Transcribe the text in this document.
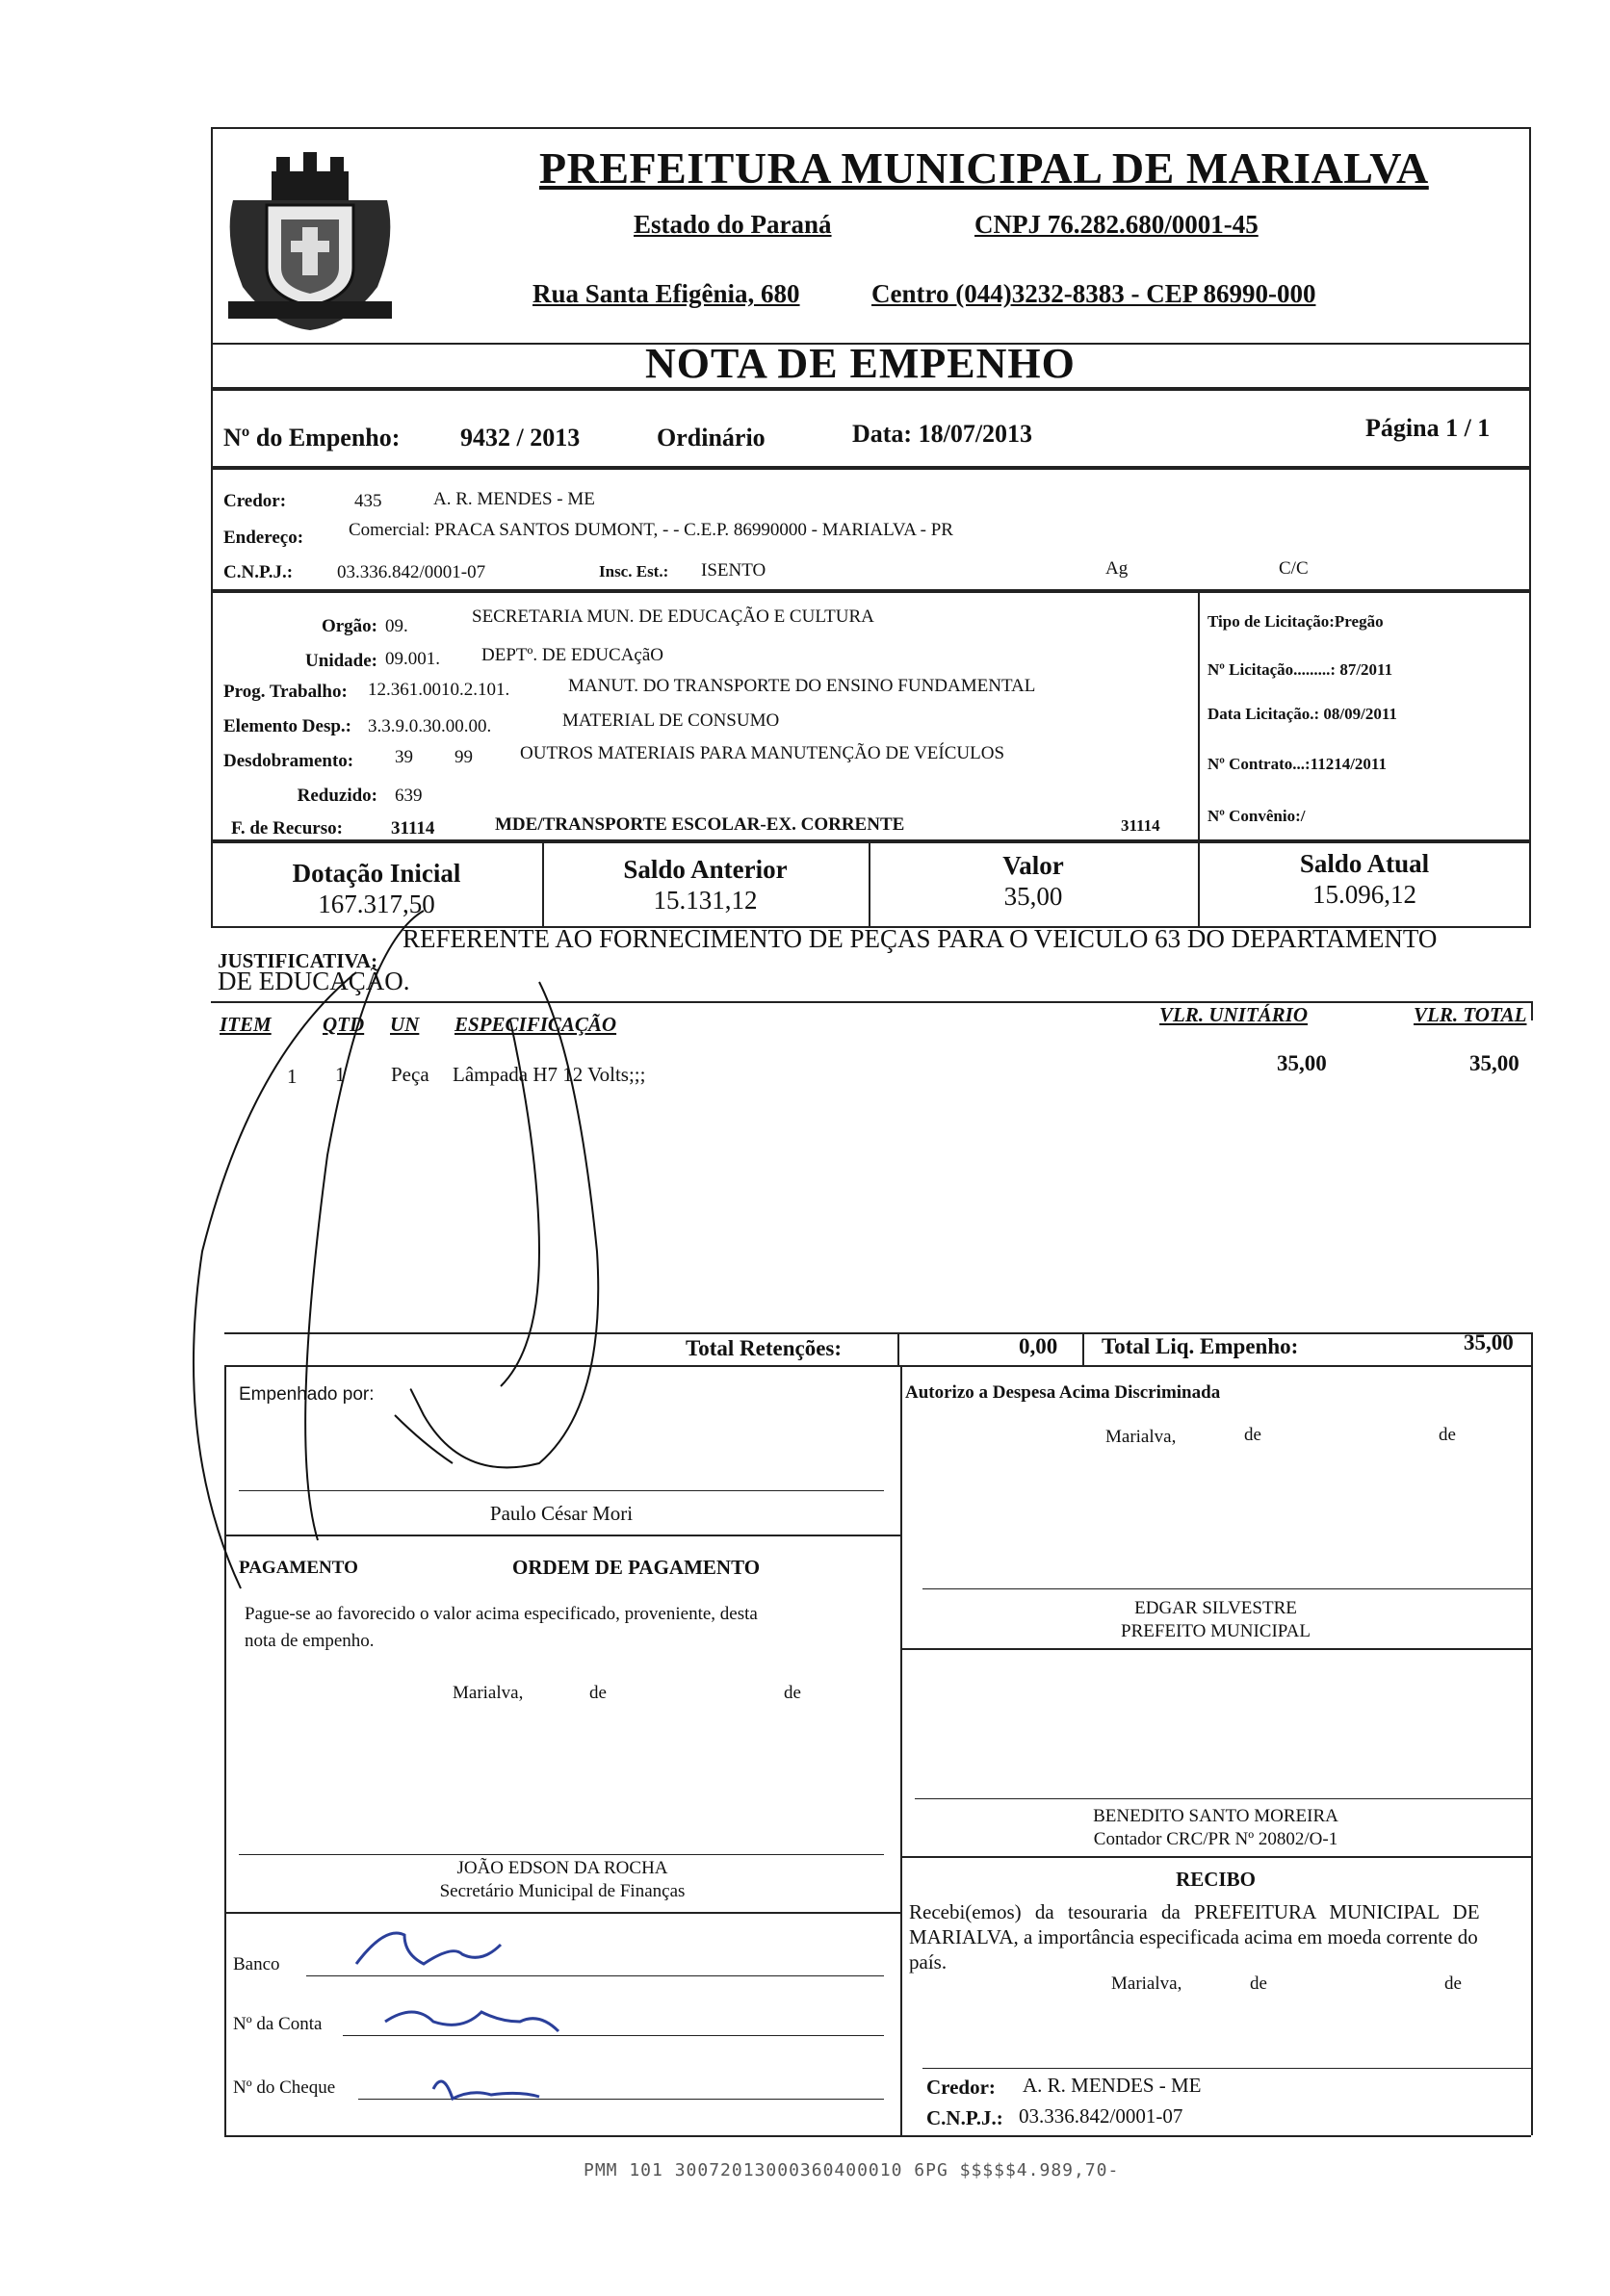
PREFEITURA MUNICIPAL DE MARIALVA
Estado do Paraná	CNPJ 76.282.680/0001-45
Rua Santa Efigênia, 680	Centro (044)3232-8383 - CEP 86990-000
NOTA DE EMPENHO
Nº do Empenho: 9432 / 2013	Ordinário	Data: 18/07/2013	Página 1 / 1
Credor:	435	A. R. MENDES - ME
Endereço: Comercial: PRACA SANTOS DUMONT, - - C.E.P. 86990000 - MARIALVA - PR
C.N.P.J.: 03.336.842/0001-07	Insc. Est.: ISENTO	Ag	C/C
Orgão: 09.	SECRETARIA MUN. DE EDUCAÇÃO E CULTURA
Unidade: 09.001. DEPTº. DE EDUCAçãO
Prog. Trabalho: 12.361.0010.2.101.	MANUT. DO TRANSPORTE DO ENSINO FUNDAMENTAL
Elemento Desp.: 3.3.9.0.30.00.00.	MATERIAL DE CONSUMO
Desdobramento: 39 99	OUTROS MATERIAIS PARA MANUTENÇÃO DE VEÍCULOS
Reduzido: 639
F. de Recurso:	31114	MDE/TRANSPORTE ESCOLAR-EX. CORRENTE	31114
Tipo de Licitação:Pregão
Nº Licitação.........: 87/2011
Data Licitação.: 08/09/2011
Nº Contrato...:11214/2011
Nº Convênio:/
Dotação Inicial
167.317,50
Saldo Anterior
15.131,12
Valor
35,00
Saldo Atual
15.096,12
JUSTIFICATIVA:
REFERENTE AO FORNECIMENTO DE PEÇAS PARA O VEICULO 63 DO DEPARTAMENTO
DE EDUCAÇÃO.
ITEM	QTD UN ESPECIFICAÇÃO	VLR. UNITÁRIO	VLR. TOTAL
1 1 Peça Lâmpada H7 12 Volts;;;	35,00	35,00
Total Retenções:	0,00 Total Liq. Empenho:	35,00
Empenhado por:
Paulo César Mori
Autorizo a Despesa Acima Discriminada
Marialva,	de	de
EDGAR SILVESTRE
PREFEITO MUNICIPAL
PAGAMENTO	ORDEM DE PAGAMENTO
Pague-se ao favorecido o valor acima especificado, proveniente, desta
nota de empenho.
Marialva,	de	de
BENEDITO SANTO MOREIRA
Contador CRC/PR Nº 20802/O-1
JOÃO EDSON DA ROCHA
Secretário Municipal de Finanças
RECIBO
Recebi(emos) da tesouraria da PREFEITURA MUNICIPAL DE
MARIALVA, a importância especificada acima em moeda corrente do
país.
Marialva,	de	de
Banco
Nº da Conta
Nº do Cheque	Credor: A. R. MENDES - ME
C.N.P.J.: 03.336.842/0001-07
PMM 101 30072013000360400010 6PG $$$$$4.989,70-
